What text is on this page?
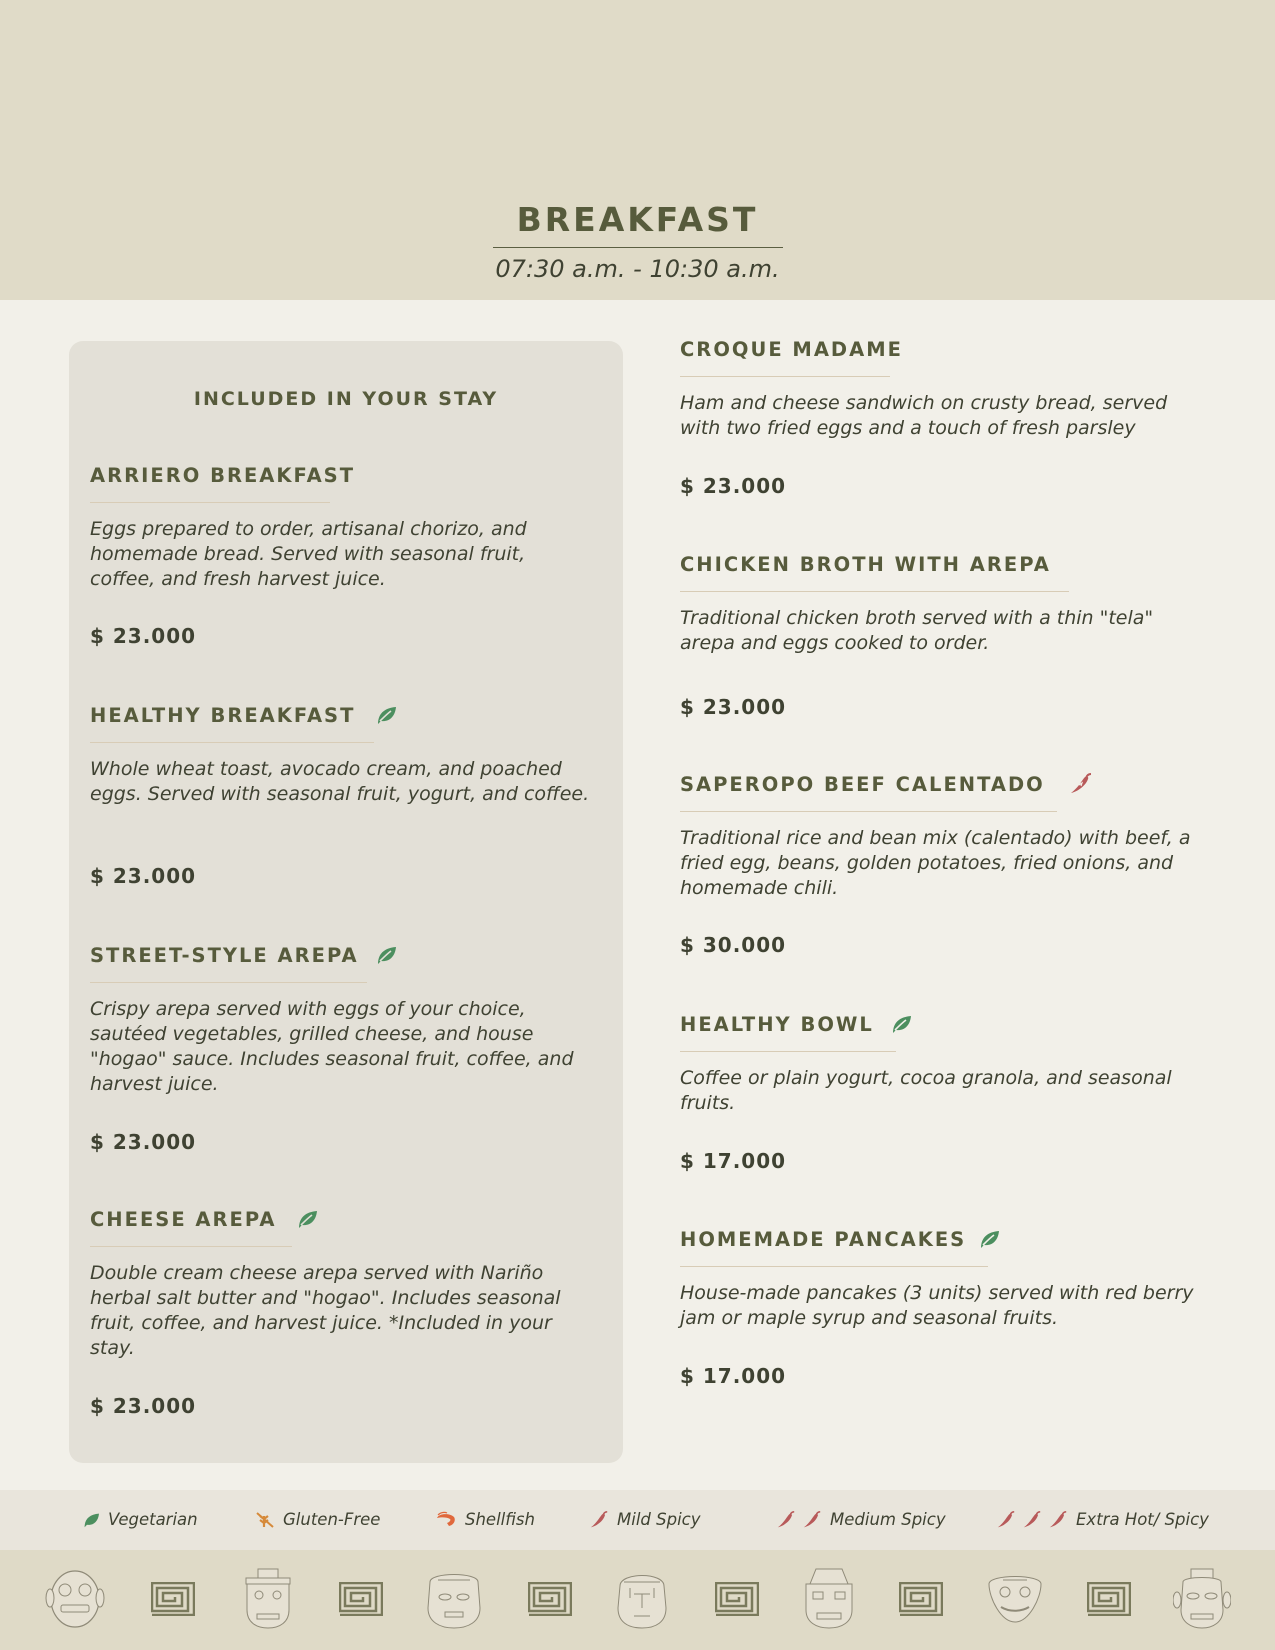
BREAKFAST
07:30 a.m. - 10:30 a.m.
INCLUDED IN YOUR STAY
ARRIERO BREAKFAST
Eggs prepared to order, artisanal chorizo, and homemade bread. Served with seasonal fruit, coffee, and fresh harvest juice.
$ 23.000
HEALTHY BREAKFAST
Whole wheat toast, avocado cream, and poached eggs. Served with seasonal fruit, yogurt, and coffee.
$ 23.000
STREET-STYLE AREPA
Crispy arepa served with eggs of your choice, sautéed vegetables, grilled cheese, and house "hogao" sauce. Includes seasonal fruit, coffee, and harvest juice.
$ 23.000
CHEESE AREPA
Double cream cheese arepa served with Nariño herbal salt butter and "hogao". Includes seasonal fruit, coffee, and harvest juice. *Included in your stay.
$ 23.000
CROQUE MADAME
Ham and cheese sandwich on crusty bread, served with two fried eggs and a touch of fresh parsley
$ 23.000
CHICKEN BROTH WITH AREPA
Traditional chicken broth served with a thin "tela" arepa and eggs cooked to order.
$ 23.000
SAPEROPO BEEF CALENTADO
Traditional rice and bean mix (calentado) with beef, a fried egg, beans, golden potatoes, fried onions, and homemade chili.
$ 30.000
HEALTHY BOWL
Coffee or plain yogurt, cocoa granola, and seasonal fruits.
$ 17.000
HOMEMADE PANCAKES
House-made pancakes (3 units) served with red berry jam or maple syrup and seasonal fruits.
$ 17.000
Vegetarian	Gluten-Free	Shellfish	Mild Spicy	Medium Spicy	Extra Hot/ Spicy
